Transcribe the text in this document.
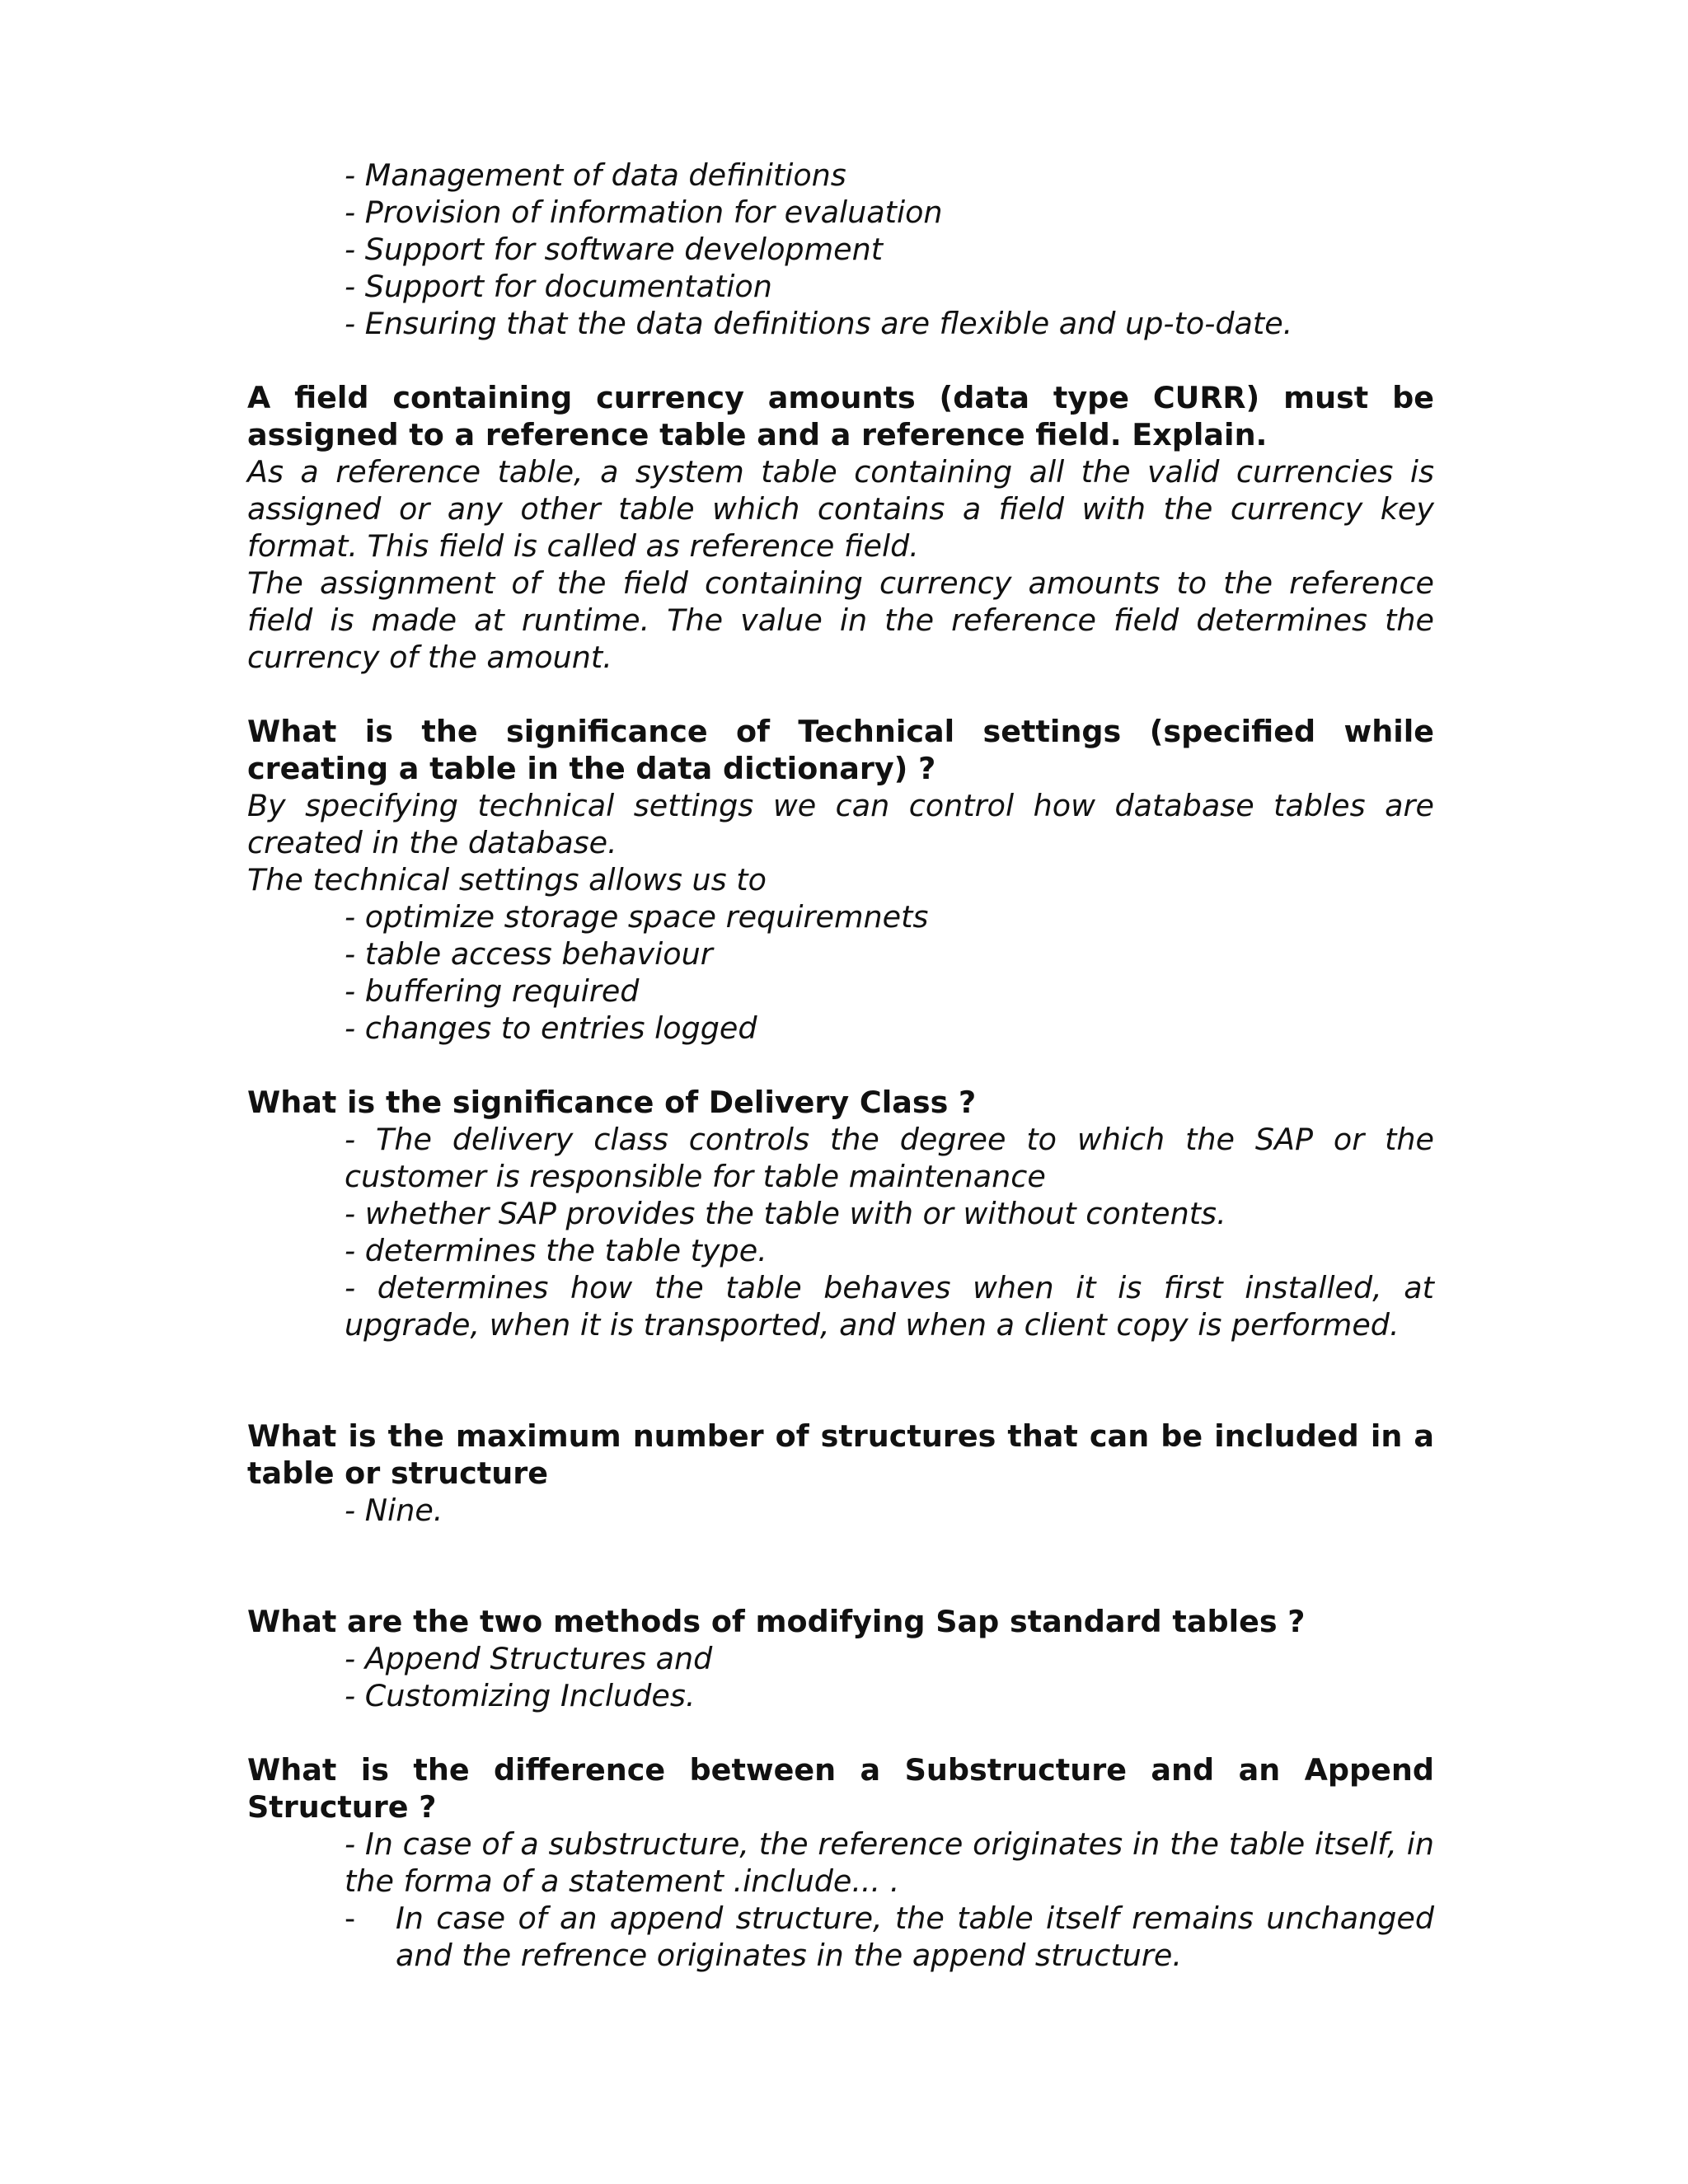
- Management of data definitions

- Provision of information for evaluation

- Support for software development

- Support for documentation

- Ensuring that the data definitions are flexible and up-to-date.

A field containing currency amounts (data type CURR) must be assigned to a reference table and a reference field. Explain.

As a reference table, a system table containing all the valid currencies is assigned or any other table which contains a field with the currency key format. This field is called as reference field.

The assignment of the field containing currency amounts to the reference field is made at runtime. The value in the reference field determines the currency of the amount.

What is the significance of Technical settings (specified while creating a table in the data dictionary) ?

By specifying technical settings we can control how database tables are created in the database.

The technical settings allows us to

- optimize storage space requiremnets

- table access behaviour

- buffering required

- changes to entries logged

What is the significance of Delivery Class ?

- The delivery class controls the degree to which the SAP or the customer is responsible for table maintenance

- whether SAP provides the table with or without contents.

- determines the table type.

- determines how the table behaves when it is first installed, at upgrade, when it is transported, and when a client copy is performed.

What is the maximum number of structures that can be included in a table or structure

- Nine.

What are the two methods of modifying Sap standard tables ?

- Append Structures and

- Customizing Includes.

What is the difference between a Substructure and an Append Structure ?

- In case of a substructure, the reference originates in the table itself, in the forma of a statement .include... .

- In case of an append structure, the table itself remains unchanged and the refrence originates in the append structure.
